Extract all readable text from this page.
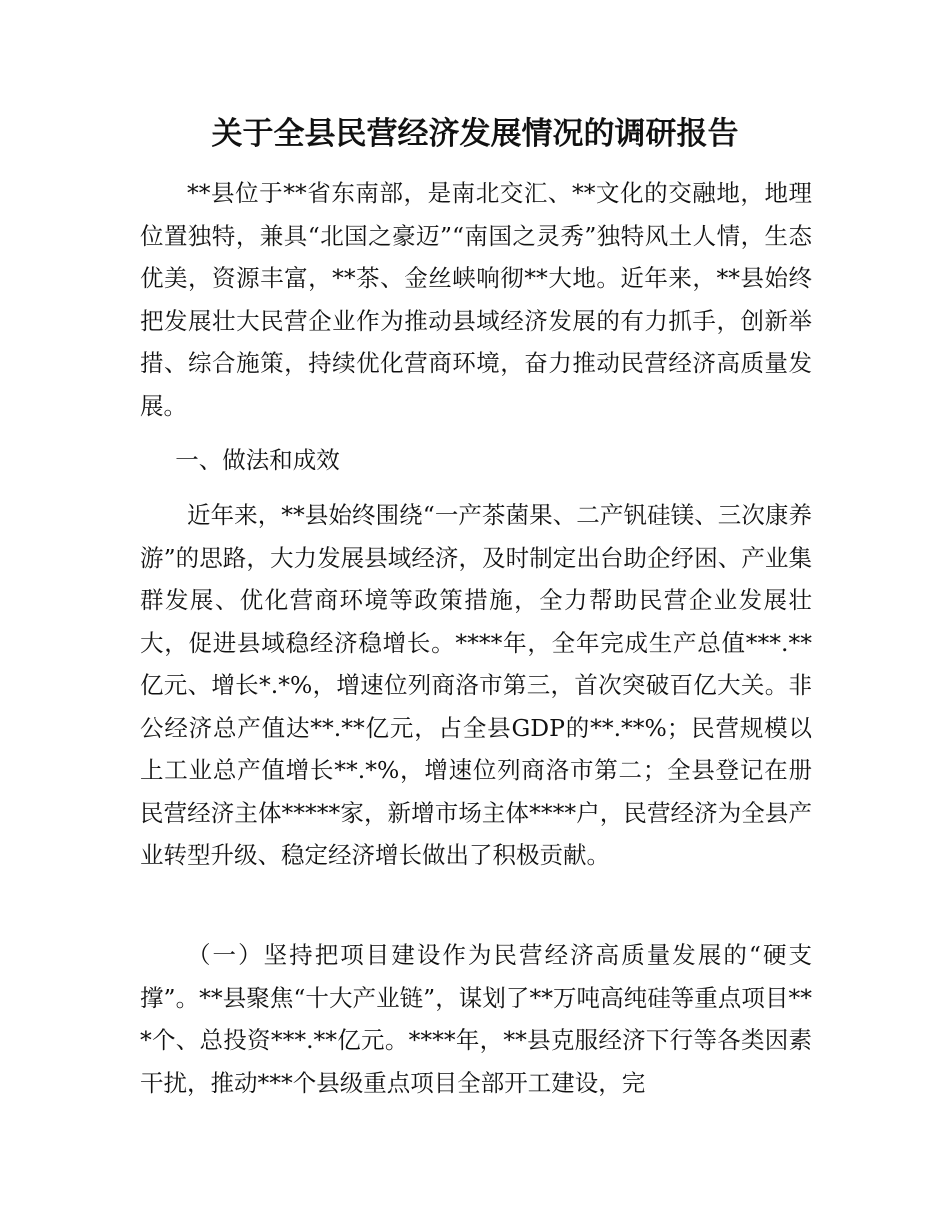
关于全县民营经济发展情况的调研报告

**县位于**省东南部，是南北交汇、**文化的交融地，地理位置独特，兼具“北国之豪迈”“南国之灵秀”独特风土人情，生态优美，资源丰富，**茶、金丝峡响彻**大地。近年来，**县始终把发展壮大民营企业作为推动县域经济发展的有力抓手，创新举措、综合施策，持续优化营商环境，奋力推动民营经济高质量发展。

一、做法和成效

近年来，**县始终围绕“一产茶菌果、二产钒硅镁、三次康养游”的思路，大力发展县域经济，及时制定出台助企纾困、产业集群发展、优化营商环境等政策措施，全力帮助民营企业发展壮大，促进县域稳经济稳增长。****年，全年完成生产总值***.**亿元、增长*.*%，增速位列商洛市第三，首次突破百亿大关。非公经济总产值达**.**亿元，占全县GDP的**.**%；民营规模以上工业总产值增长**.*%，增速位列商洛市第二；全县登记在册民营经济主体*****家，新增市场主体****户，民营经济为全县产业转型升级、稳定经济增长做出了积极贡献。

（一）坚持把项目建设作为民营经济高质量发展的“硬支撑”。**县聚焦“十大产业链”，谋划了**万吨高纯硅等重点项目***个、总投资***.**亿元。****年，**县克服经济下行等各类因素干扰，推动***个县级重点项目全部开工建设，完
